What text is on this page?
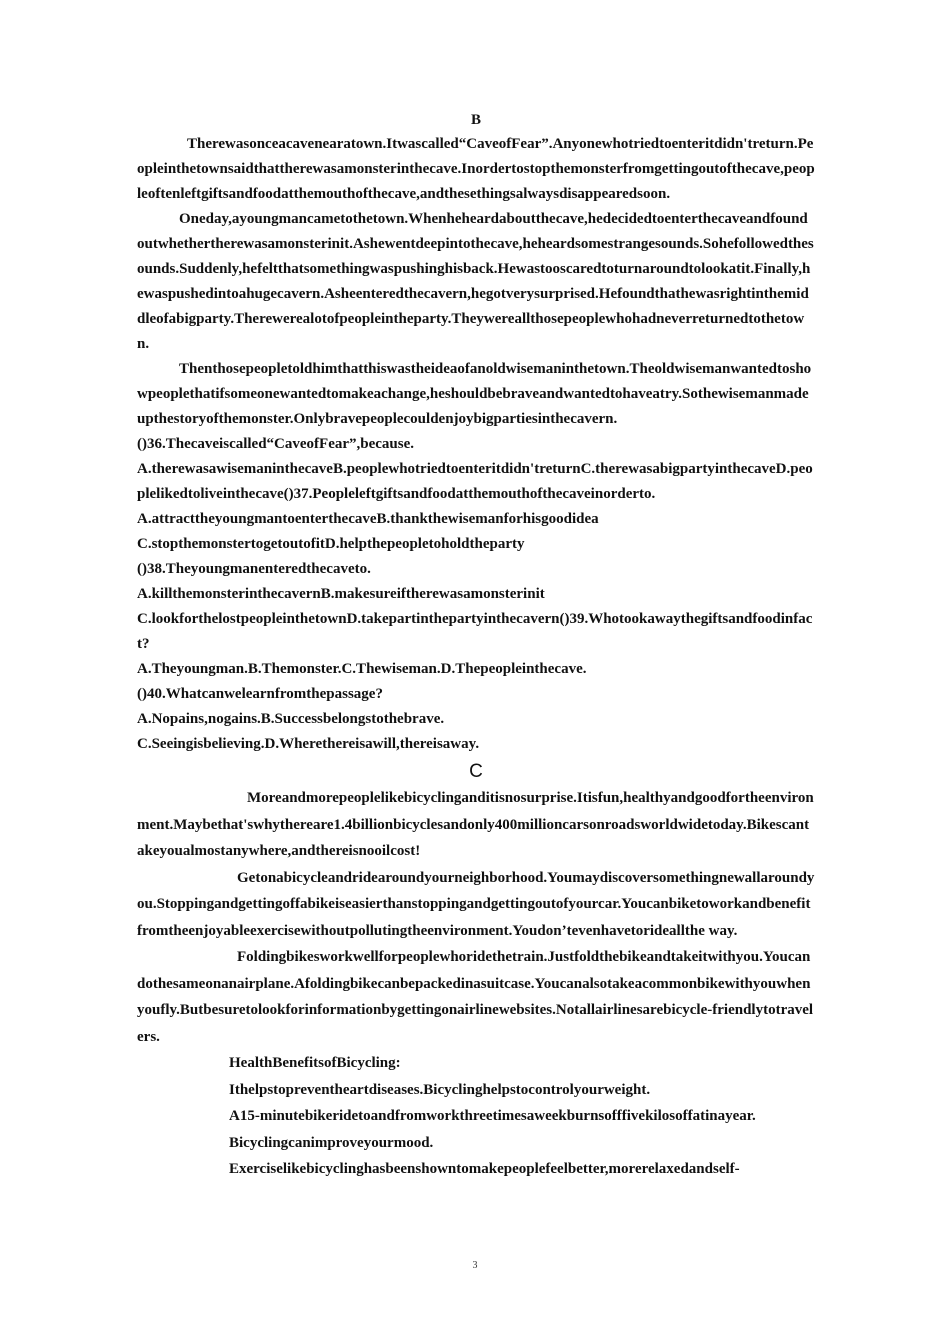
B

Therewasonceacavenearatown.Itwascalled“CaveofFear”.Anyonewhotriedtoenteritdidn'treturn.Peopleinthetownsaidthattherewasamonsterinthecave.Inordertostopthemonsterfromgettingoutofthecave,peopleoftenleftgiftsandfoodatthemouthofthecave,andthesethingsalwaysdisappearedsoon.

Oneday,ayoungmancametothetown.Whenheheardaboutthecave,hedecidedtoenterthecaveandfoundoutwhethertherewasamonsterinit.Ashewentdeepintothecave,heheardsomestrangesounds.Sohefollowedthesounds.Suddenly,hefeltthatsomethingwaspushinghisback.Hewastooscaredtoturnaroundtolookatit.Finally,hewaspushedintoahugecavern.Asheenteredthecavern,hegotverysurprised.Hefoundthathewasrightinthemiddleofabigparty.Therewerealotofpeopleintheparty.Theywereallthosepeoplewhohadneverreturnedtothetown.

Thenthosepeopletoldhimthatthiswastheideaofanoldwisemaninthetown.Theoldwisemanwantedtoshowpeoplethatifsomeonewantedtomakeachange,heshouldbebraveandwantedtohaveatry.Sothewisemanmadeupthestoryofthemonster.Onlybravepeoplecouldenjoybigpartiesinthecavern.

()36.Thecaveiscalled“CaveofFear”,because.

A.therewasawisemaninthecaveB.peoplewhotriedtoenteritdidn'treturnC.therewasabigpartyinthecaveD.peoplelikedtoliveinthecave()37.Peopleleftgiftsandfoodatthemouthofthecaveinorderto.

A.attracttheyoungmantoenterthecaveB.thankthewisemanforhisgoodidea

C.stopthemonstertogetoutofitD.helpthepeopletoholdtheparty

()38.Theyoungmanenteredthecaveto.

A.killthemonsterinthecavernB.makesureiftherewasamonsterinit

C.lookforthelostpeopleinthetownD.takepartinthepartyinthecavern()39.Whotookawaythegiftsandfoodinfact?

A.Theyoungman.B.Themonster.C.Thewiseman.D.Thepeopleinthecave.

()40.Whatcanwelearnfromthepassage?

A.Nopains,nogains.B.Successbelongstothebrave.

C.Seeingisbelieving.D.Wherethereisawill,thereisaway.

C

Moreandmorepeoplelikebicyclinganditisnosurprise.Itisfun,healthyandgoodfortheenvironment.Maybethat'swhythereare1.4billionbicyclesandonly400millioncarsonroadsworldwidetoday.Bikescantakeyoualmostanywhere,andthereisnooilcost!

Getonabicycleandridearoundyourneighborhood.Youmaydiscoversomethingnewallaroundyou.Stoppingandgettingoffabikeiseasierthanstoppingandgettingoutofyourcar.Youcanbiketoworkandbenefitfromtheenjoyableexercisewithoutpollutingtheenvironment.Youdon’tevenhavetorideallthe way.

Foldingbikesworkwellforpeoplewhoridethetrain.Justfoldthebikeandtakeitwithyou.Youcandothesameonanairplane.Afoldingbikecanbepackedinasuitcase.Youcanalsotakeacommonbikewithyouwhenyoufly.Butbesuretolookforinformationbygettingonairlinewebsites.Notallairlinesarebicycle-friendlytotravelers.

HealthBenefitsofBicycling:

Ithelpstopreventheartdiseases.Bicyclinghelpstocontrolyourweight.

A15-minutebikeridetoandfromworkthreetimesaweekburnsofffivekilosoffatinayear.

Bicyclingcanimproveyourmood.

Exerciselikebicyclinghasbeenshowntomakepeoplefeelbetter,morerelaxedandself-

3
